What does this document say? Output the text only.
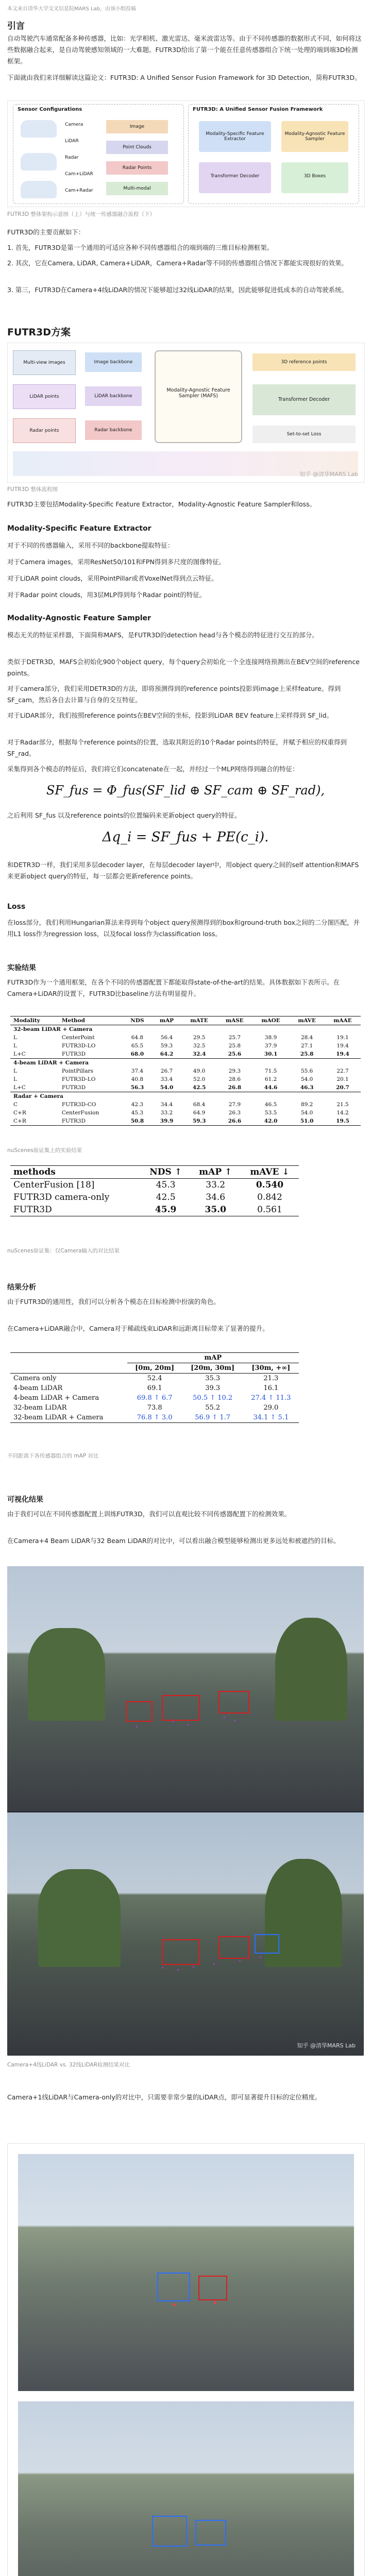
本文来自清华大学交叉信息院MARS Lab，由该小组投稿
引言
自动驾驶汽车通常配备多种传感器，比如：光学相机、激光雷达、毫米波雷达等。由于不同传感器的数据形式不同，如何将这些数据融合起来，是自动驾驶感知领域的一大难题。FUTR3D给出了第一个能在任意传感器组合下统一处理的端到端3D检测框架。
下面就由我们来详细解读这篇论文：FUTR3D: A Unified Sensor Fusion Framework for 3D Detection，简称FUTR3D。
Sensor Configurations
Camera
LiDAR
Radar
Cam+LiDAR
Cam+Radar
Image
Point Clouds
Radar Points
Multi-modal
FUTR3D: A Unified Sensor Fusion Framework
Modality-Specific Feature Extractor
Modality-Agnostic Feature Sampler
Transformer Decoder	3D Boxes
FUTR3D 整体架构示意图（上）与统一传感器融合流程（下）
FUTR3D的主要贡献如下：
1. 首先，FUTR3D是第一个通用的可适应各种不同传感器组合的端到端的三维目标检测框架。
2. 其次，它在Camera, LiDAR, Camera+LiDAR，Camera+Radar等不同的传感器组合情况下都能实现很好的效果。
3. 第三，FUTR3D在Camera+4线LiDAR的情况下能够超过32线LiDAR的结果，因此能够促进低成本的自动驾驶系统。
FUTR3D方案
Multi-view images
LiDAR points
Radar points
Image backbone
LiDAR backbone
Radar backbone
Modality-Agnostic Feature Sampler (MAFS)
3D reference points
Transformer Decoder
Set-to-set Loss
知乎 @清华MARS Lab
FUTR3D 整体流程图
FUTR3D主要包括Modality-Specific Feature Extractor，Modality-Agnostic Feature Sampler和loss。
Modality-Specific Feature Extractor
对于不同的传感器输入，采用不同的backbone提取特征：
对于Camera images，采用ResNet50/101和FPN得到多尺度的图像特征。
对于LiDAR point clouds，采用PointPillar或者VoxelNet得到点云特征。
对于Radar point clouds，用3层MLP得到每个Radar point的特征。
Modality-Agnostic Feature Sampler
模态无关的特征采样器，下面简称MAFS，是FUTR3D的detection head与各个模态的特征进行交互的部分。
类似于DETR3D，MAFS会初始化900个object query，每个query会初始化一个全连接网络预测出在BEV空间的reference points。
对于camera部分，我们采用DETR3D的方法，即将预测得到的reference points投影到image上采样feature。得到 SF_cam，然后各自去计算与自身的交互特征。
对于LiDAR部分，我们按照reference points在BEV空间的坐标，投影到LiDAR BEV feature上采样得到 SF_lid。
对于Radar部分，根据每个reference points的位置，选取其附近的10个Radar points的特征，并赋予相应的权重得到 SF_rad。
采集得到各个模态的特征后，我们将它们concatenate在一起，并经过一个MLP网络得到融合的特征：
SF_fus = Φ_fus(SF_lid ⊕ SF_cam ⊕ SF_rad),
之后利用 SF_fus 以及reference points的位置编码来更新object query的特征。
Δq_i = SF_fus + PE(c_i).
和DETR3D一样，我们采用多层decoder layer，在每层decoder layer中，用object query之间的self attention和MAFS来更新object query的特征，每一层都会更新reference points。
Loss
在loss部分，我们利用Hungarian算法来得到每个object query预测得到的box和ground-truth box之间的二分图匹配，并用L1 loss作为regression loss，以及focal loss作为classification loss。
实验结果
FUTR3D作为一个通用框架，在各个不同的传感器配置下都能取得state-of-the-art的结果。具体数据如下表所示。在Camera+LiDAR的设置下，FUTR3D比baseline方法有明显提升。
Modality	Method	NDS	mAP	mATE	mASE	mAOE	mAVE	mAAE
32-beam LiDAR + Camera								
L	CenterPoint	64.8	56.4	29.5	25.7	38.9	28.4	19.1
L	FUTR3D-LO	65.5	59.3	32.5	25.8	37.9	27.1	19.4
L+C	FUTR3D	68.0	64.2	32.4	25.6	30.1	25.8	19.4
4-beam LiDAR + Camera								
L	PointPillars	37.4	26.7	49.0	29.3	71.5	55.6	22.7
L	FUTR3D-LO	40.8	33.4	52.0	28.6	61.2	54.0	20.1
L+C	FUTR3D	56.3	54.0	42.5	26.8	44.6	46.3	20.7
Radar + Camera								
C	FUTR3D-CO	42.3	34.4	68.4	27.9	46.5	89.2	21.5
C+R	CenterFusion	45.3	33.2	64.9	26.3	53.5	54.0	14.2
C+R	FUTR3D	50.8	39.9	59.3	26.6	42.0	51.0	19.5
nuScenes验证集上的实验结果
methods	NDS ↑	mAP ↑	mAVE ↓
CenterFusion [18]	45.3	33.2	0.540
FUTR3D camera-only	42.5	34.6	0.842
FUTR3D	45.9	35.0	0.561
nuScenes验证集：仅Camera输入的对比结果
结果分析
由于FUTR3D的通用性，我们可以分析各个模态在目标检测中扮演的角色。
在Camera+LiDAR融合中，Camera对于稀疏线束LiDAR和远距离目标带来了显著的提升。
	mAP		
	[0m, 20m]	[20m, 30m]	[30m, +∞]
Camera only	52.4	35.3	21.3
4-beam LiDAR	69.1	39.3	16.1
4-beam LiDAR + Camera	69.8 ↑ 6.7	50.5 ↑ 10.2	27.4 ↑ 11.3
32-beam LiDAR	73.8	55.2	29.0
32-beam LiDAR + Camera	76.8 ↑ 3.0	56.9 ↑ 1.7	34.1 ↑ 5.1
不同距离下各传感器组合的 mAP 对比
可视化结果
由于我们可以在不同传感器配置上训练FUTR3D，我们可以直观比较不同传感器配置下的检测效果。
在Camera+4 Beam LiDAR与32 Beam LiDAR的对比中，可以看出融合模型能够检测出更多远处和被遮挡的目标。
知乎 @清华MARS Lab
Camera+4线LiDAR vs. 32线LiDAR检测结果对比
Camera+1线LiDAR与Camera-only的对比中，只需要非常少量的LiDAR点，即可显著提升目标的定位精度。
